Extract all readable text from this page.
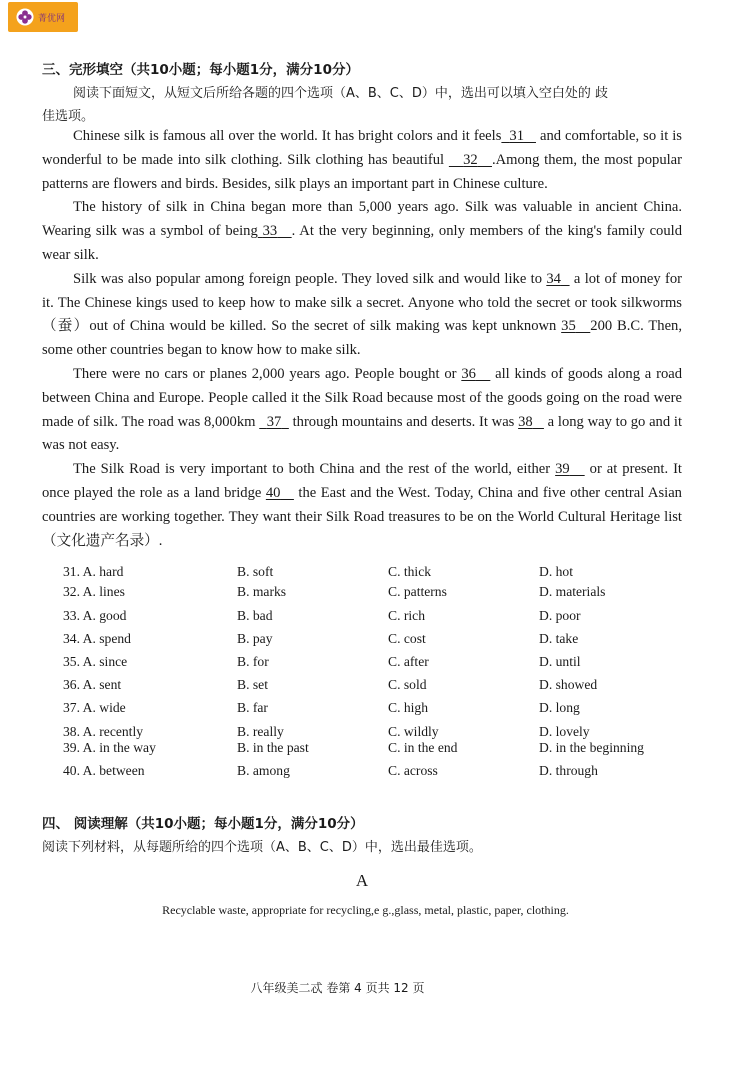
菁优网
三、完形填空（共10小题；每小题1分，满分10分）
阅读下面短文，从短文后所给各题的四个选项（A、B、C、D）中，选出可以填入空白处的 歧
佳选项。

Chinese silk is famous all over the world. It has bright colors and it feels 31    and comfortable, so it is wonderful to be made into silk clothing. Silk clothing has beautiful    32 .Among them, the most popular patterns are flowers and birds. Besides, silk plays an important part in Chinese culture.

The history of silk in China began more than 5,000 years ago. Silk was valuable in ancient China. Wearing silk was a symbol of being 33 . At the very beginning, only members of the king's family could wear silk.

Silk was also popular among foreign people. They loved silk and would like to 34   a lot of money for it. The Chinese kings used to keep how to make silk a secret. Anyone who told the secret or took silkworms（蚕）out of China would be killed. So the secret of silk making was kept unknown 35 200 B.C. Then, some other countries began to know how to make silk.

There were no cars or planes 2,000 years ago. People bought or 36    all kinds of goods along a road between China and Europe. People called it the Silk Road because most of the goods going on the road were made of silk. The road was 8,000km   37   through mountains and deserts. It was 38    a long way to go and it was not easy.

The Silk Road is very important to both China and the rest of the world, either 39    or at present. It once played the role as a land bridge 40    the East and the West. Today, China and five other central Asian countries are working together. They want their Silk Road treasures to be on the World Cultural Heritage list（文化遗产名录）.

31. A. hard	B. soft	C. thick	D. hot
32. A. lines	B. marks	C. patterns	D. materials
33. A. good	B. bad	C. rich	D. poor
34. A. spend	B. pay	C. cost	D. take
35. A. since	B. for	C. after	D. until
36. A. sent	B. set	C. sold	D. showed
37. A. wide	B. far	C. high	D. long
38. A. recently	B. really	C. wildly	D. lovely
39. A. in the way	B. in the past	C. in the end	D. in the beginning
40. A. between	B. among	C. across	D. through
四、 阅读理解（共10小题；每小题1分，满分10分）
阅读下列材料，从每题所给的四个选项（A、B、C、D）中，选出最佳选项。
A
Recyclable waste, appropriate for recycling,e g.,glass, metal, plastic, paper, clothing.
八年级美二忒 卷第 4 页共 12 页
